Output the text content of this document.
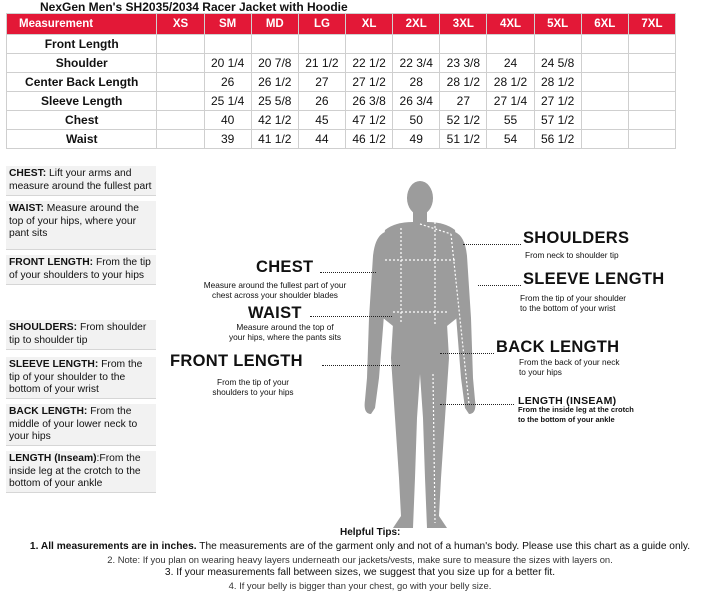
NexGen Men's SH2035/2034 Racer Jacket with Hoodie
Measurement	XS	SM	MD	LG	XL	2XL	3XL	4XL	5XL	6XL	7XL
Front Length											
Shoulder		20 1/4	20 7/8	21 1/2	22 1/2	22 3/4	23 3/8	24	24 5/8		
Center Back Length		26	26 1/2	27	27 1/2	28	28 1/2	28 1/2	28 1/2		
Sleeve Length		25 1/4	25 5/8	26	26 3/8	26 3/4	27	27 1/4	27 1/2		
Chest		40	42 1/2	45	47 1/2	50	52 1/2	55	57 1/2		
Waist		39	41 1/2	44	46 1/2	49	51 1/2	54	56 1/2		
CHEST: Lift your arms and measure around the fullest part
WAIST: Measure around the top of your hips, where your pant sits
FRONT LENGTH: From the tip of your shoulders to your hips
SHOULDERS: From shoulder tip to shoulder tip
SLEEVE LENGTH: From the tip of your shoulder to the bottom of your wrist
BACK LENGTH: From the middle of your lower neck to your hips
LENGTH (Inseam):From the inside leg at the crotch to the bottom of your ankle
CHEST
Measure around the fullest part of your
chest across your shoulder blades
WAIST
Measure around the top of
your hips, where the pants sits
FRONT LENGTH
From the tip of your
shoulders to your hips
SHOULDERS
From neck to shoulder tip
SLEEVE LENGTH
From the tip of your shoulder
to the bottom of your wrist
BACK LENGTH
From the back of your neck
to your hips
LENGTH (INSEAM)
From the inside leg at the crotch
to the bottom of your ankle
Helpful Tips:
1. All measurements are in inches. The measurements are of the garment only and not of a human's body. Please use this chart as a guide only.
2. Note: If you plan on wearing heavy layers underneath our jackets/vests, make sure to measure the sizes with layers on.
3. If your measurements fall between sizes, we suggest that you size up for a better fit.
4. If your belly is bigger than your chest, go with your belly size.
